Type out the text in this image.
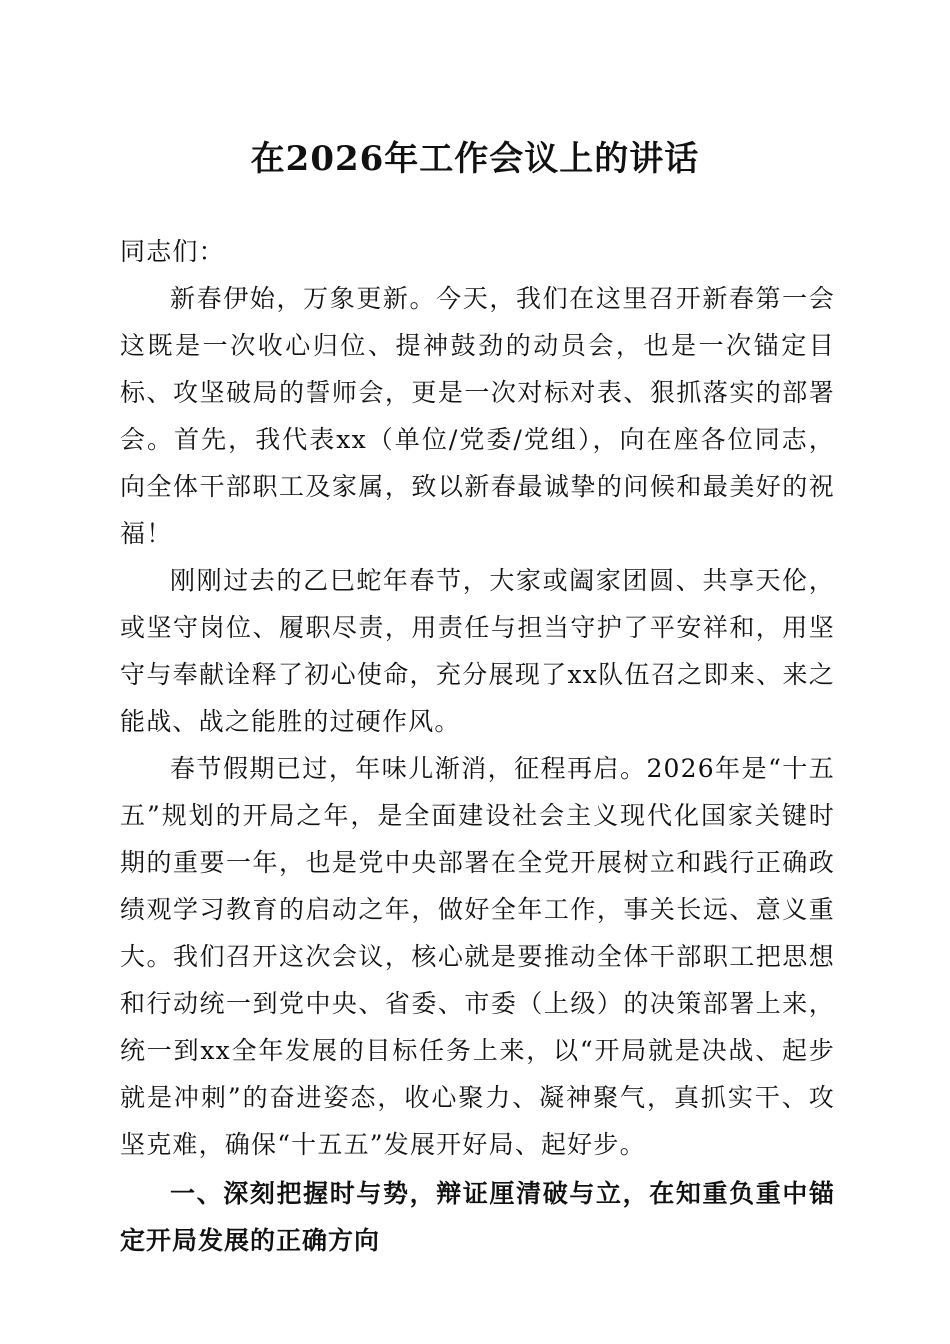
在2026年工作会议上的讲话

同志们：

新春伊始，万象更新。今天，我们在这里召开新春第一会这既是一次收心归位、提神鼓劲的动员会，也是一次锚定目标、攻坚破局的誓师会，更是一次对标对表、狠抓落实的部署会。首先，我代表xx（单位/党委/党组），向在座各位同志，向全体干部职工及家属，致以新春最诚挚的问候和最美好的祝福！

刚刚过去的乙巳蛇年春节，大家或阖家团圆、共享天伦，或坚守岗位、履职尽责，用责任与担当守护了平安祥和，用坚守与奉献诠释了初心使命，充分展现了xx队伍召之即来、来之能战、战之能胜的过硬作风。

春节假期已过，年味儿渐消，征程再启。2026年是“十五五”规划的开局之年，是全面建设社会主义现代化国家关键时期的重要一年，也是党中央部署在全党开展树立和践行正确政绩观学习教育的启动之年，做好全年工作，事关长远、意义重大。我们召开这次会议，核心就是要推动全体干部职工把思想和行动统一到党中央、省委、市委（上级）的决策部署上来，统一到xx全年发展的目标任务上来，以“开局就是决战、起步就是冲刺”的奋进姿态，收心聚力、凝神聚气，真抓实干、攻坚克难，确保“十五五”发展开好局、起好步。

一、深刻把握时与势，辩证厘清破与立，在知重负重中锚定开局发展的正确方向
